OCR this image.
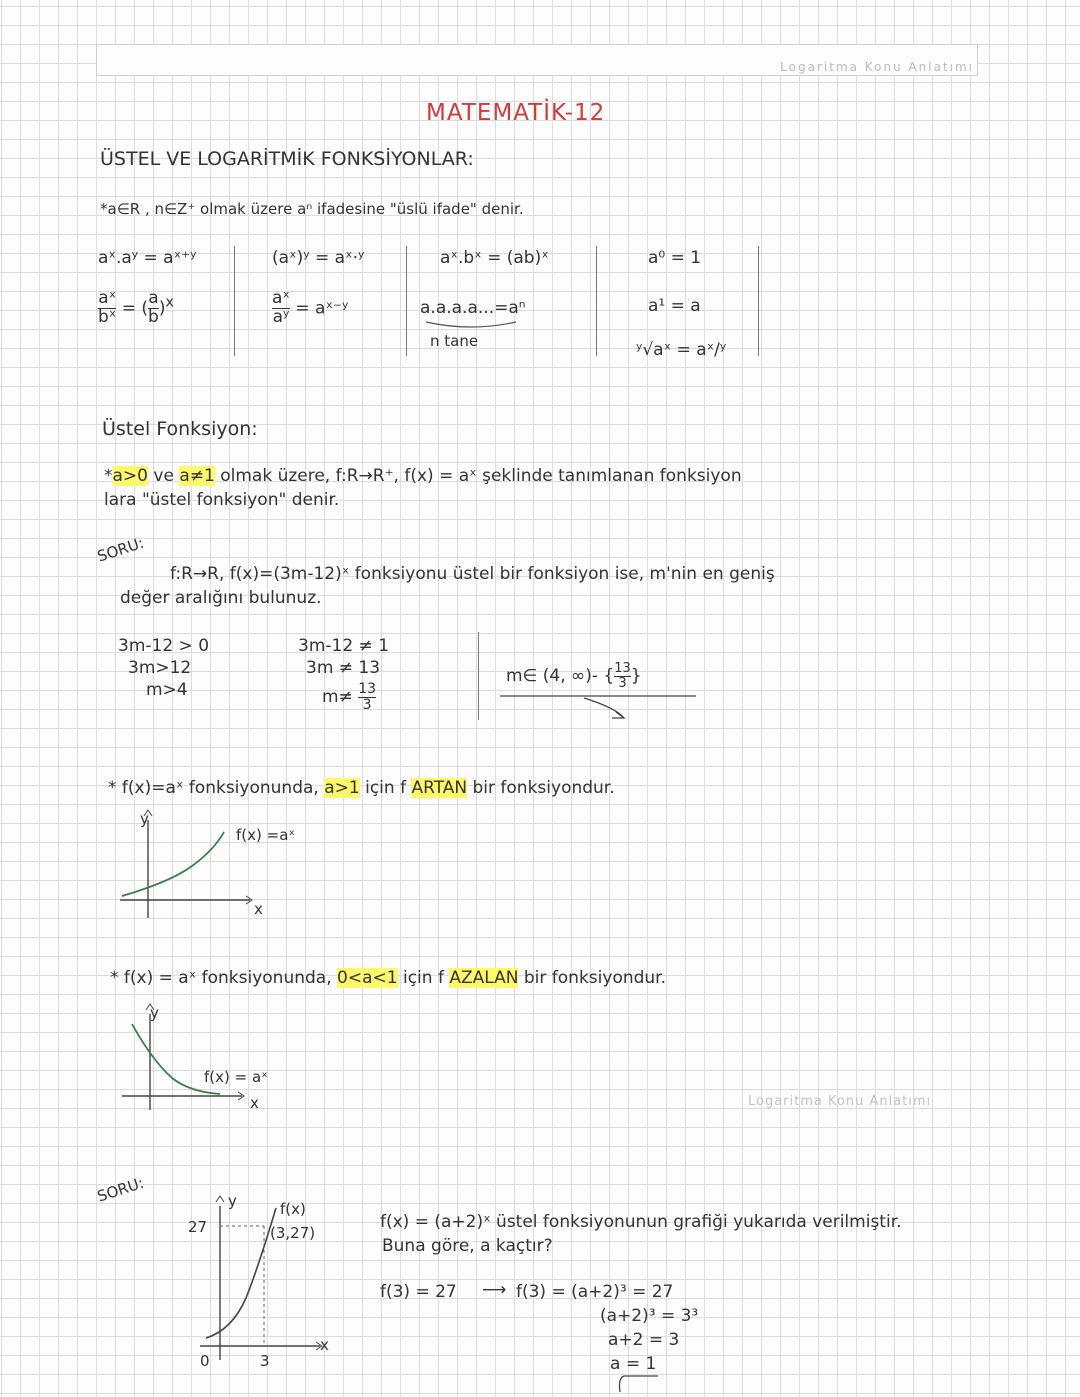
Logaritma Konu Anlatımı
MATEMATİK-12
ÜSTEL VE LOGARİTMİK FONKSİYONLAR:
*a∈R , n∈Z⁺ olmak üzere aⁿ ifadesine "üslü ifade" denir.
aˣ.aʸ = aˣ⁺ʸ	(aˣ)ʸ = aˣ·ʸ	aˣ.bˣ = (ab)ˣ	a⁰ = 1
$\frac{\text{aˣ}}{\text{bˣ}}$ = ( $\frac{a}{b} )^x$	$\frac{\text{aˣ}}{\text{aʸ}}$ = aˣ⁻ʸ	a.a.a.a...=aⁿ
n tane
a¹ = a
ʸ√aˣ = aˣ/ʸ
Üstel Fonksiyon:
*a>0 ve a≠1 olmak üzere, f:R→R⁺, f(x) = aˣ şeklinde tanımlanan fonksiyon
lara "üstel fonksiyon" denir.
SORU:
f:R→R, f(x)=(3m-12)ˣ fonksiyonu üstel bir fonksiyon ise, m'nin en geniş
değer aralığını bulunuz.
3m-12 > 0
3m>12
m>4
3m-12 ≠ 1
3m ≠ 13
$m\ne \frac{13}{3}$
m∈ (4, ∞)- { $\frac{13}{3}$ }
* f(x)=aˣ fonksiyonunda, a>1 için f ARTAN bir fonksiyondur.
y
x
f(x) =aˣ
* f(x) = aˣ fonksiyonunda, 0<a<1 için f AZALAN bir fonksiyondur.
y
x
f(x) = aˣ
Logaritma Konu Anlatımı
SORU:	y
x
27
0	3
f(x)
(3,27)
f(x) = (a+2)ˣ üstel fonksiyonunun grafiği yukarıda verilmiştir.
Buna göre, a kaçtır?
f(3) = 27 ⟶ f(3) = (a+2)³ = 27
(a+2)³ = 3³
a+2 = 3
a = 1
